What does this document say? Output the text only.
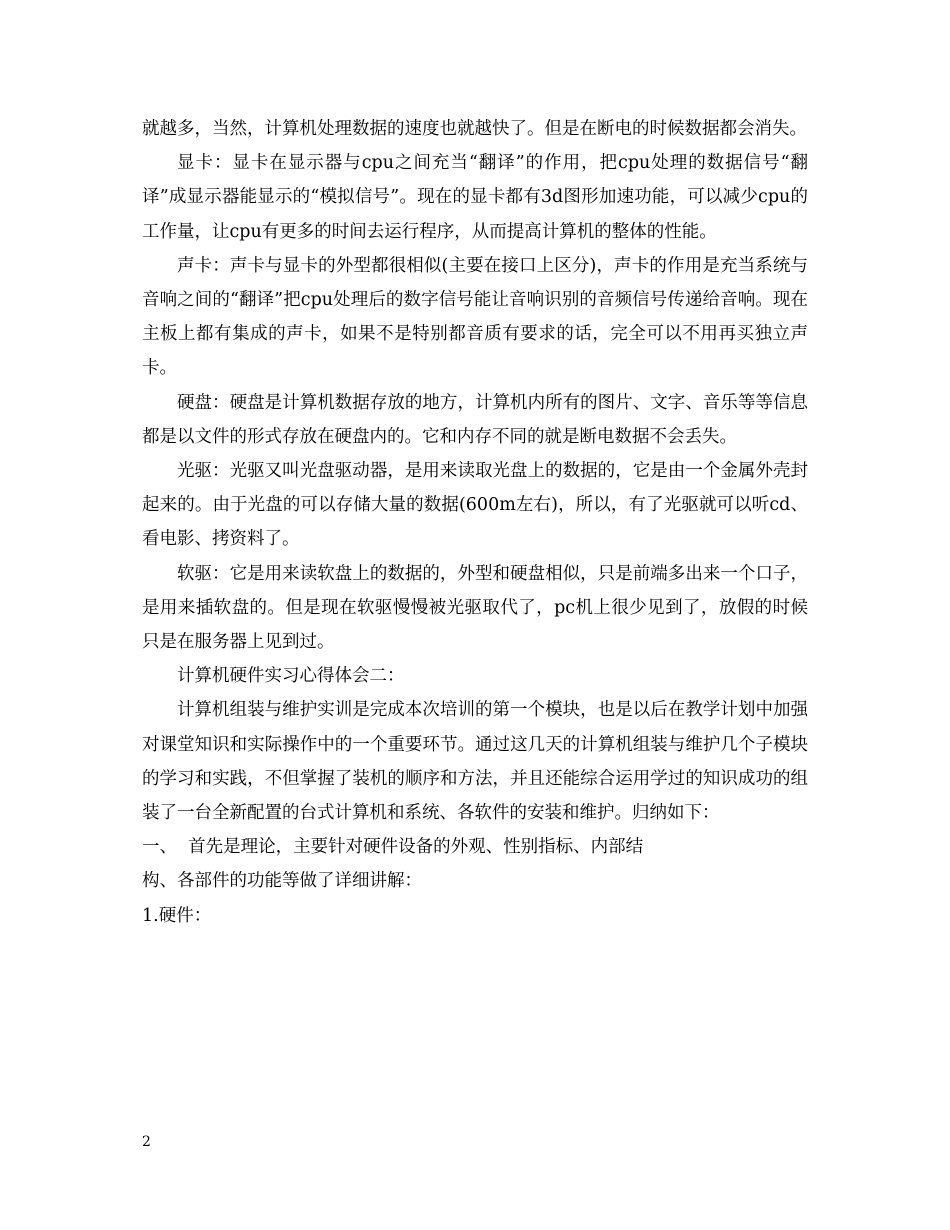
就越多，当然，计算机处理数据的速度也就越快了。但是在断电的时候数据都会消失。

显卡：显卡在显示器与cpu之间充当“翻译”的作用，把cpu处理的数据信号“翻译”成显示器能显示的“模拟信号”。现在的显卡都有3d图形加速功能，可以减少cpu的工作量，让cpu有更多的时间去运行程序，从而提高计算机的整体的性能。

声卡：声卡与显卡的外型都很相似(主要在接口上区分)，声卡的作用是充当系统与音响之间的“翻译”把cpu处理后的数字信号能让音响识别的音频信号传递给音响。现在主板上都有集成的声卡，如果不是特别都音质有要求的话，完全可以不用再买独立声卡。

硬盘：硬盘是计算机数据存放的地方，计算机内所有的图片、文字、音乐等等信息都是以文件的形式存放在硬盘内的。它和内存不同的就是断电数据不会丢失。

光驱：光驱又叫光盘驱动器，是用来读取光盘上的数据的，它是由一个金属外壳封起来的。由于光盘的可以存储大量的数据(600m左右)，所以，有了光驱就可以听cd、看电影、拷资料了。

软驱：它是用来读软盘上的数据的，外型和硬盘相似，只是前端多出来一个口子，是用来插软盘的。但是现在软驱慢慢被光驱取代了，pc机上很少见到了，放假的时候只是在服务器上见到过。

计算机硬件实习心得体会二：

计算机组装与维护实训是完成本次培训的第一个模块，也是以后在教学计划中加强对课堂知识和实际操作中的一个重要环节。通过这几天的计算机组装与维护几个子模块的学习和实践，不但掌握了装机的顺序和方法，并且还能综合运用学过的知识成功的组装了一台全新配置的台式计算机和系统、各软件的安装和维护。归纳如下：

一、  首先是理论，主要针对硬件设备的外观、性别指标、内部结

构、各部件的功能等做了详细讲解：

1.硬件：

2
